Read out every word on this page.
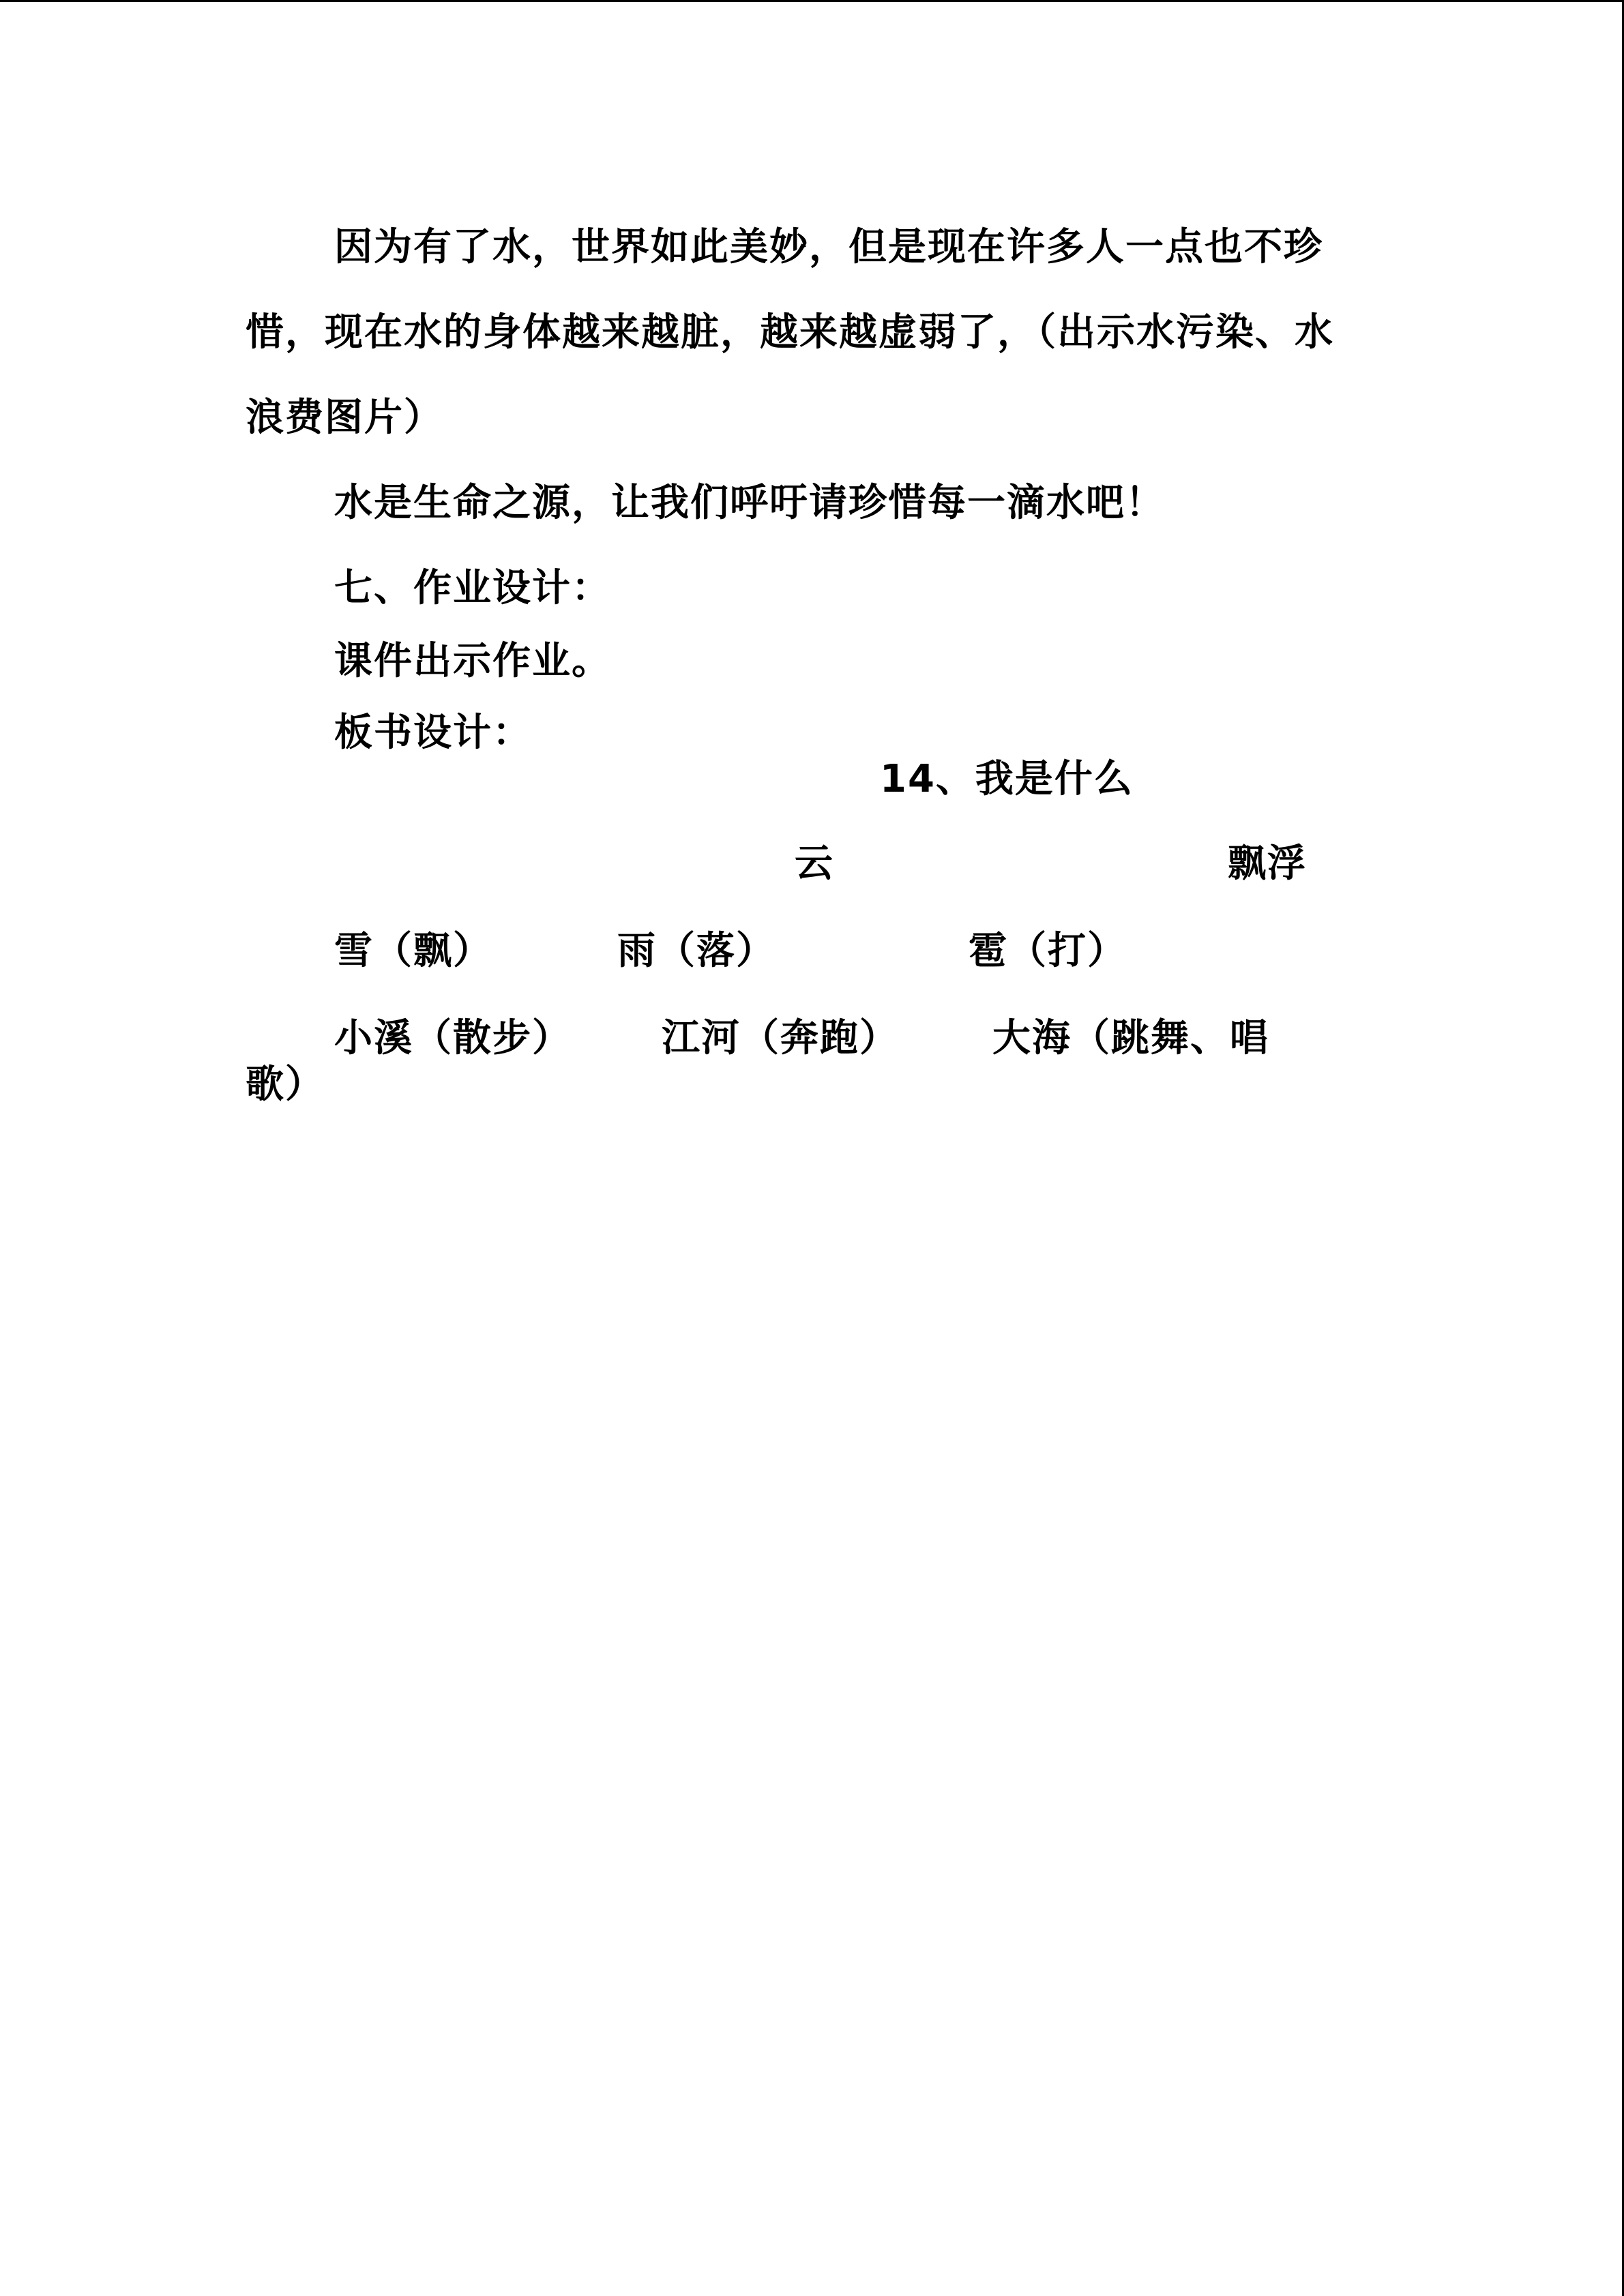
因为有了水，世界如此美妙，但是现在许多人一点也不珍惜，现在水的身体越来越脏，越来越虚弱了，（出示水污染、水浪费图片）

水是生命之源，让我们呼吁请珍惜每一滴水吧！

七、作业设计：

课件出示作业。

板书设计：
14、我是什么
云	飘浮
雪（飘）	雨（落）	雹（打）
小溪（散步） 江河（奔跑） 大海（跳舞、唱
歌）
